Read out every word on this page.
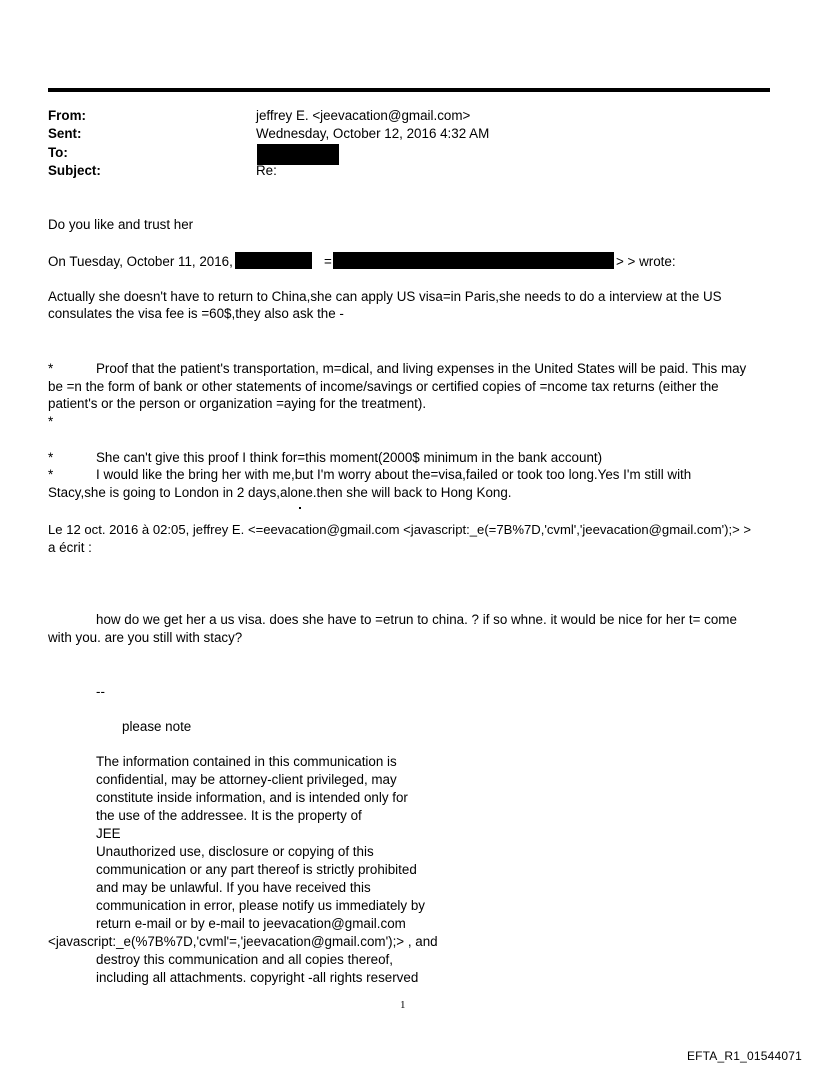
From:	jeffrey E. <jeevacation@gmail.com>
Sent:	Wednesday, October 12, 2016 4:32 AM
To:
Subject:	Re:
Do you like and trust her
On Tuesday, October 11, 2016,	=	> > wrote:
Actually she doesn't have to return to China,she can apply US visa=in Paris,she needs to do a interview at the US
consulates the visa fee is =60$,they also ask the -
*	Proof that the patient's transportation, m=dical, and living expenses in the United States will be paid. This may
be =n the form of bank or other statements of income/savings or certified copies of =ncome tax returns (either the
patient's or the person or organization =aying for the treatment).
*
*	She can't give this proof I think for=this moment(2000$ minimum in the bank account)
*	I would like the bring her with me,but I'm worry about the=visa,failed or took too long.Yes I'm still with
Stacy,she is going to London in 2 days,alone.then she will back to Hong Kong.
Le 12 oct. 2016 à 02:05, jeffrey E. <=eevacation@gmail.com <javascript:_e(=7B%7D,'cvml','jeevacation@gmail.com');> >
a écrit :
how do we get her a us visa. does she have to =etrun to china. ? if so whne. it would be nice for her t= come
with you. are you still with stacy?
--
please note
The information contained in this communication is
confidential, may be attorney-client privileged, may
constitute inside information, and is intended only for
the use of the addressee. It is the property of
JEE
Unauthorized use, disclosure or copying of this
communication or any part thereof is strictly prohibited
and may be unlawful. If you have received this
communication in error, please notify us immediately by
return e-mail or by e-mail to jeevacation@gmail.com
<javascript:_e(%7B%7D,'cvml'=,'jeevacation@gmail.com');> , and
destroy this communication and all copies thereof,
including all attachments. copyright -all rights reserved
1
EFTA_R1_01544071
